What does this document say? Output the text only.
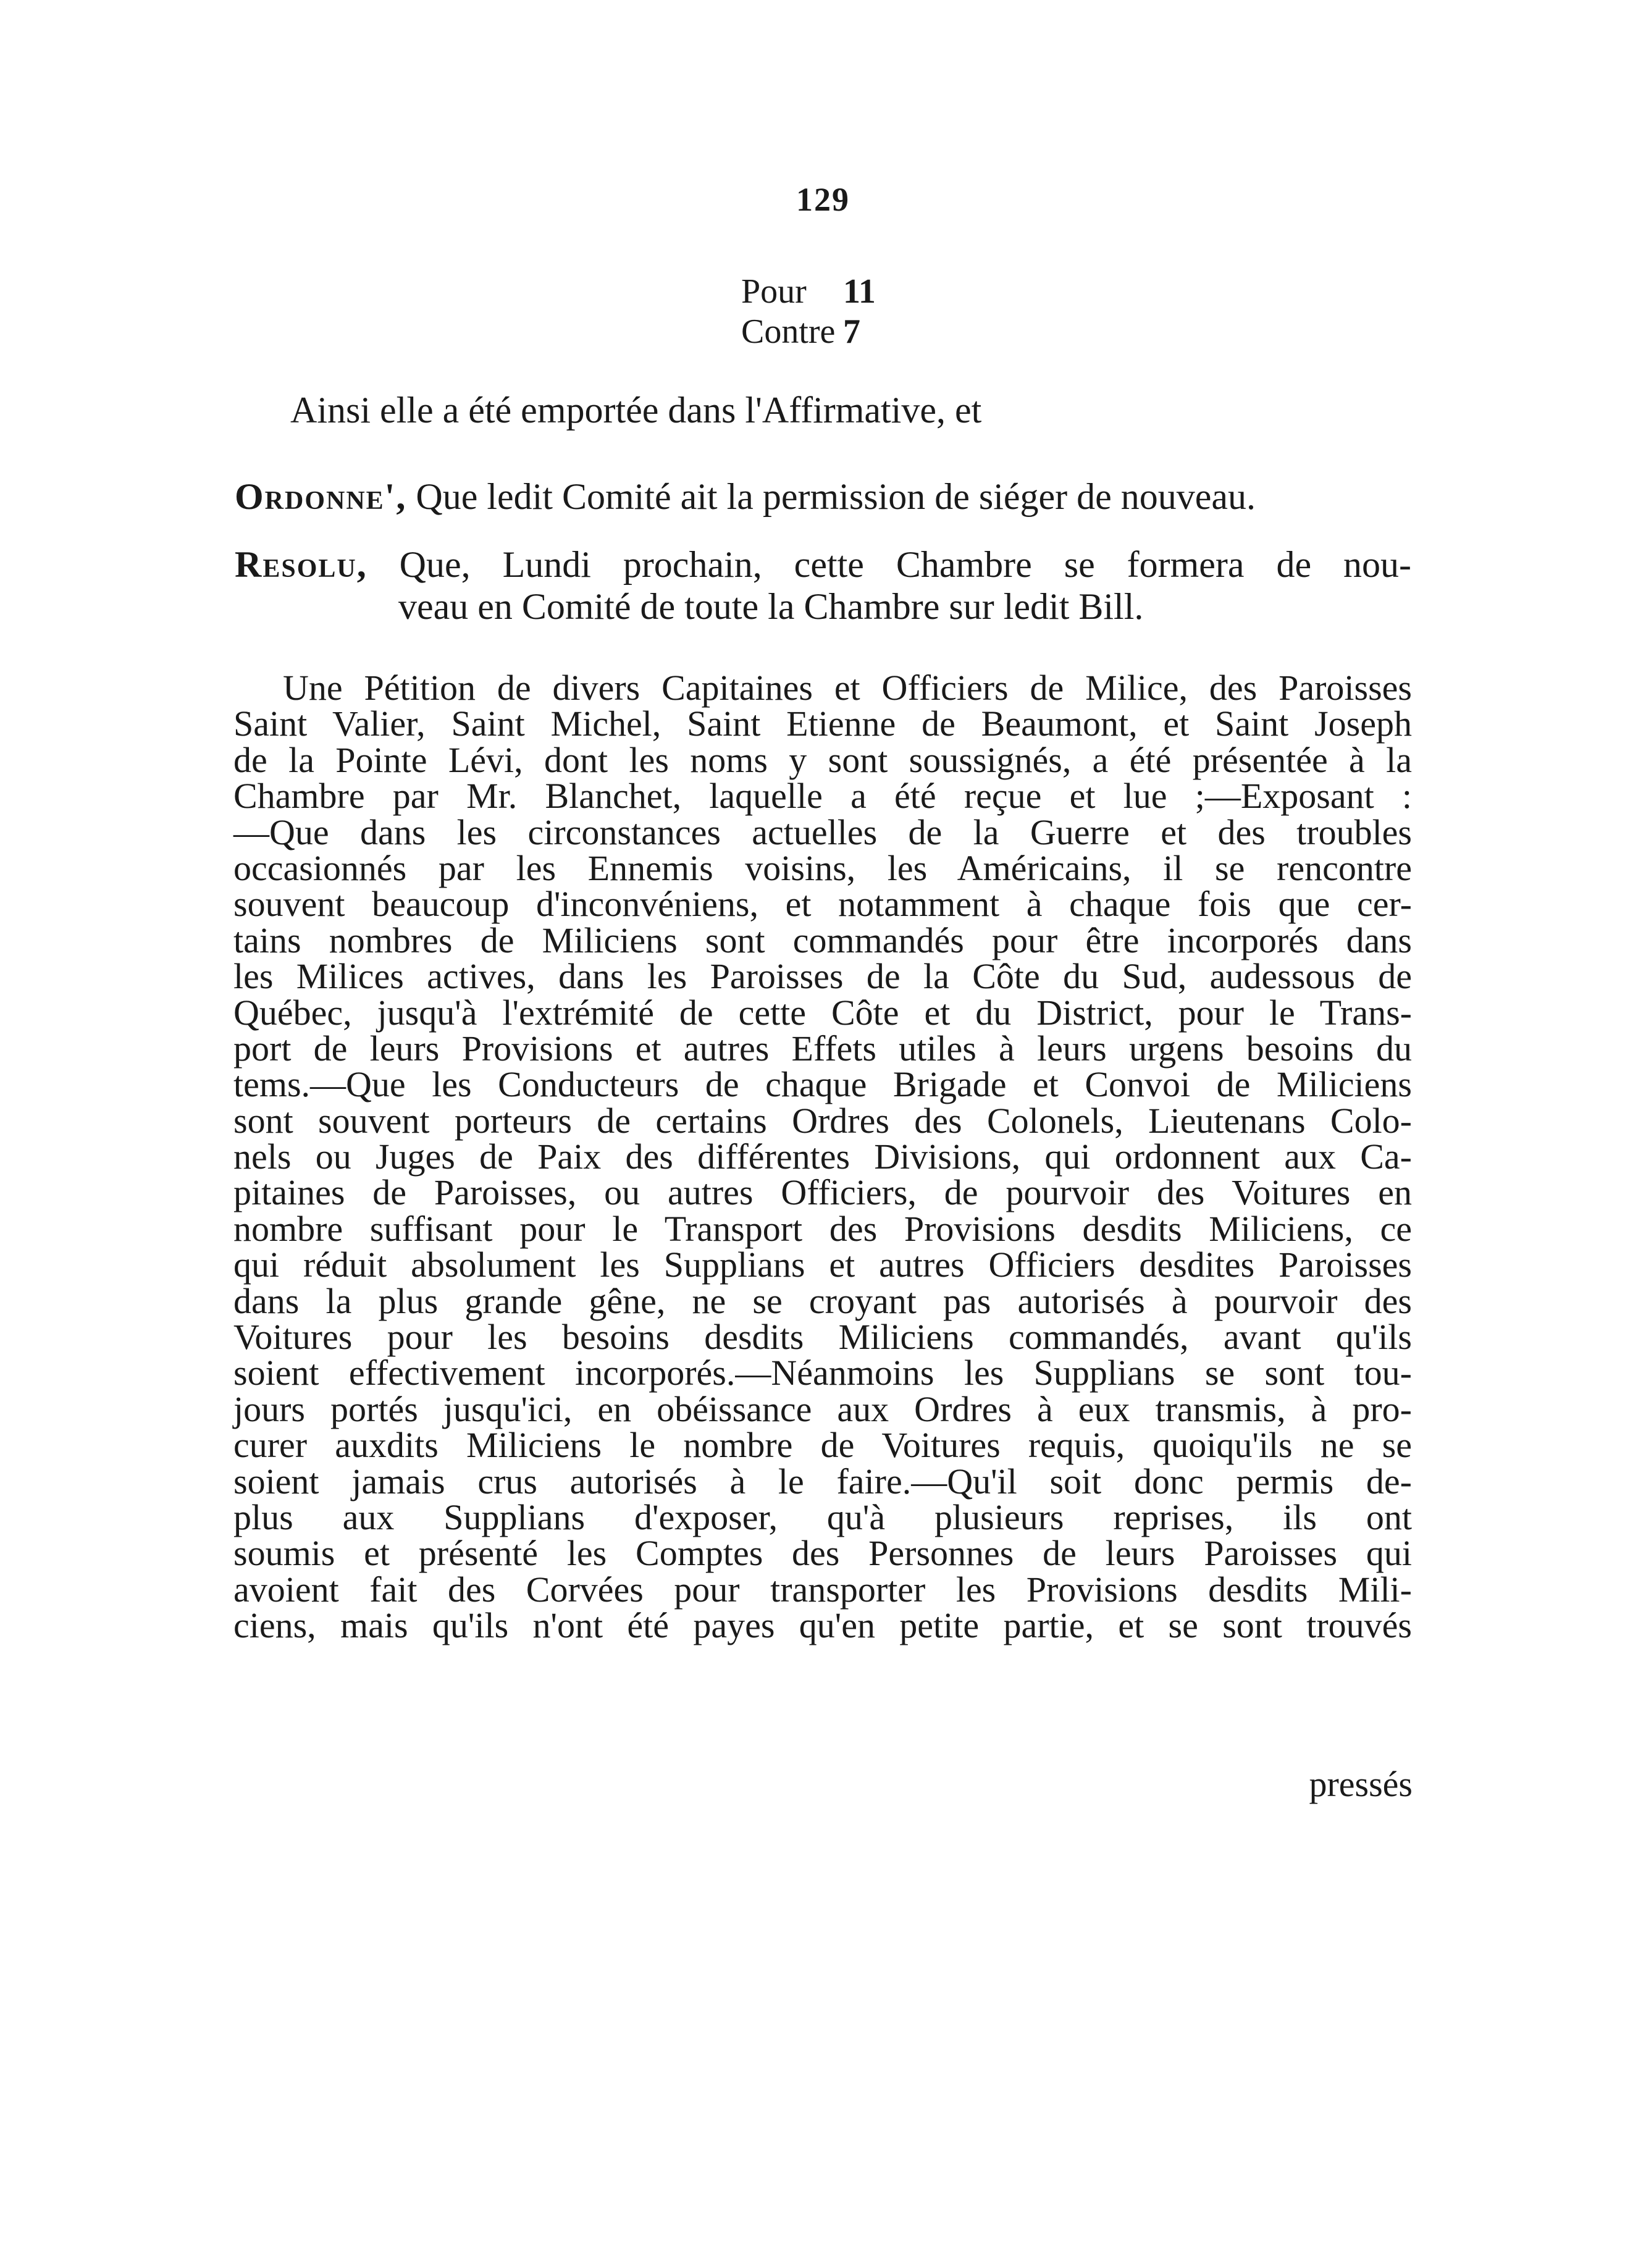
129
Pour 11
Contre 7
Ainsi elle a été emportée dans l'Affirmative, et
Ordonne', Que ledit Comité ait la permission de siéger de nouveau.

Resolu, Que, Lundi prochain, cette Chambre se formera de nou-

veau en Comité de toute la Chambre sur ledit Bill.

Une Pétition de divers Capitaines et Officiers de Milice, des Paroisses
Saint Valier, Saint Michel, Saint Etienne de Beaumont, et Saint Joseph
de la Pointe Lévi, dont les noms y sont soussignés, a été présentée à la
Chambre par Mr. Blanchet, laquelle a été reçue et lue ;—Exposant :
—Que dans les circonstances actuelles de la Guerre et des troubles
occasionnés par les Ennemis voisins, les Américains, il se rencontre
souvent beaucoup d'inconvéniens, et notamment à chaque fois que cer-
tains nombres de Miliciens sont commandés pour être incorporés dans
les Milices actives, dans les Paroisses de la Côte du Sud, audessous de
Québec, jusqu'à l'extrémité de cette Côte et du District, pour le Trans-
port de leurs Provisions et autres Effets utiles à leurs urgens besoins du
tems.—Que les Conducteurs de chaque Brigade et Convoi de Miliciens
sont souvent porteurs de certains Ordres des Colonels, Lieutenans Colo-
nels ou Juges de Paix des différentes Divisions, qui ordonnent aux Ca-
pitaines de Paroisses, ou autres Officiers, de pourvoir des Voitures en
nombre suffisant pour le Transport des Provisions desdits Miliciens, ce
qui réduit absolument les Supplians et autres Officiers desdites Paroisses
dans la plus grande gêne, ne se croyant pas autorisés à pourvoir des
Voitures pour les besoins desdits Miliciens commandés, avant qu'ils
soient effectivement incorporés.—Néanmoins les Supplians se sont tou-
jours portés jusqu'ici, en obéissance aux Ordres à eux transmis, à pro-
curer auxdits Miliciens le nombre de Voitures requis, quoiqu'ils ne se
soient jamais crus autorisés à le faire.—Qu'il soit donc permis de-
plus aux Supplians d'exposer, qu'à plusieurs reprises, ils ont
soumis et présenté les Comptes des Personnes de leurs Paroisses qui
avoient fait des Corvées pour transporter les Provisions desdits Mili-
ciens, mais qu'ils n'ont été payes qu'en petite partie, et se sont trouvés
pressés
